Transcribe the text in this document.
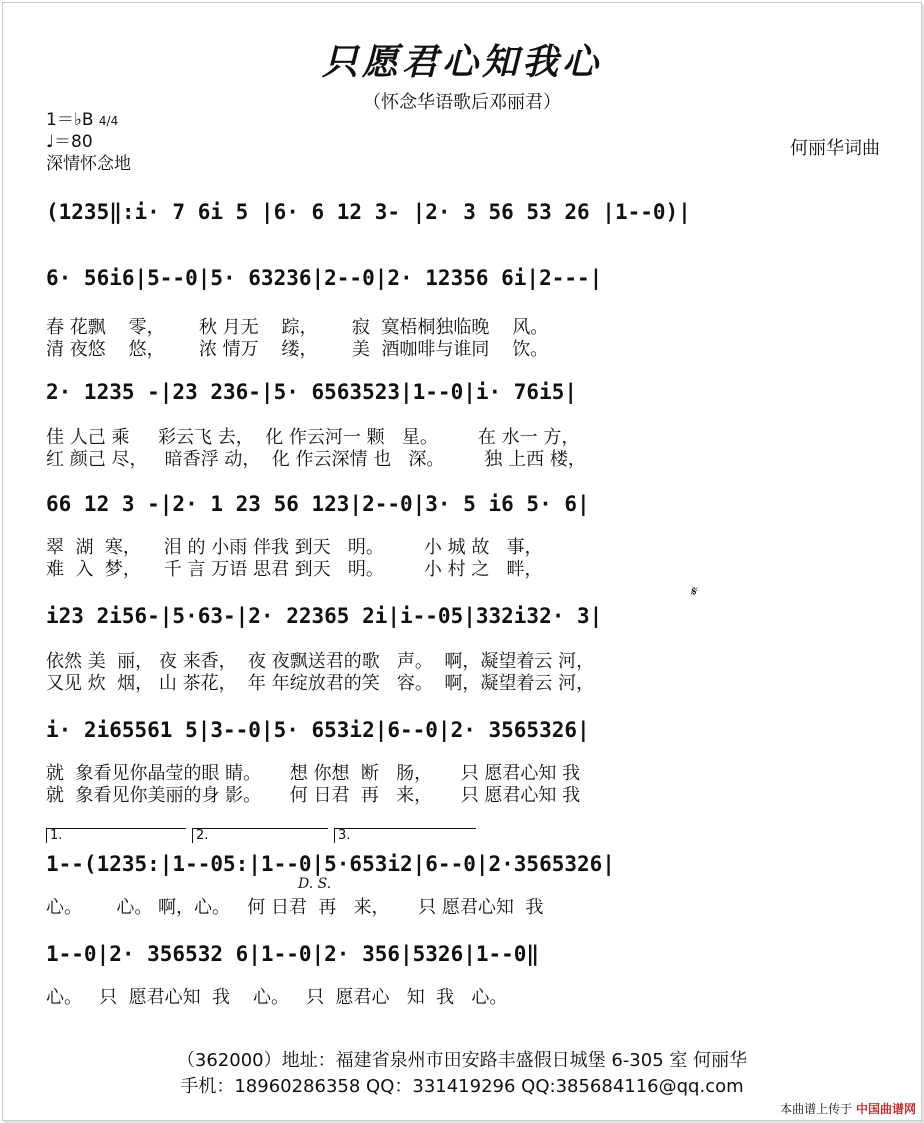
只愿君心知我心
（怀念华语歌后邓丽君）
1＝♭B 4/4
♩＝80
深情怀念地
何丽华词曲
(1235‖:i· 7 6i 5 |6· 6 12 3- |2· 3 56 53 26 |1--0)|
6· 56i6|5--0|5· 63236|2--0|2· 12356 6i|2---|
春 花飘    零，      秋 月无    踪，      寂  寞梧桐独临晚    风。
清 夜悠    悠，      浓 情万    缕，      美  酒咖啡与谁同    饮。
2· 1235 -|23 236-|5· 6563523|1--0|i· 76i5|
佳 人己 乘     彩云飞 去，  化 作云河一 颗   星。       在 水一 方，
红 颜己 尽，   暗香浮 动，  化 作云深情 也   深。       独 上西 楼，
66 12 3 -|2· 1 23 56 123|2--0|3· 5 i6 5· 6|
翠  湖  寒，    泪 的 小雨 伴我 到天   明。       小 城 故   事，
难  入  梦，    千 言 万语 思君 到天   明。       小 村 之   畔，
i23 2i56-|5·63-|2· 22365 2i|i--05|332i32· 3|
𝄋
依然 美  丽， 夜 来香，  夜 夜飘送君的歌   声。  啊，凝望着云 河，
又见 炊  烟， 山 茶花，  年 年绽放君的笑   容。  啊，凝望着云 河，
i· 2i65561 5|3--0|5· 653i2|6--0|2· 3565326|
就  象看见你晶莹的眼 睛。     想 你想  断   肠，     只 愿君心知 我
就  象看见你美丽的身 影。     何 日君  再   来，     只 愿君心知 我
1.	2.	3.
1--(1235:|1--05:|1--0|5·653i2|6--0|2·3565326|
D. S.
心。      心。 啊，心。   何 日君  再   来，     只 愿君心知  我
1--0|2· 356532 6|1--0|2· 356|5326|1--0‖
心。   只  愿君心知  我    心。   只  愿君心   知  我   心。
（362000）地址：福建省泉州市田安路丰盛假日城堡 6-305 室 何丽华
手机：18960286358 QQ：331419296 QQ:385684116@qq.com
本曲谱上传于 中国曲谱网
